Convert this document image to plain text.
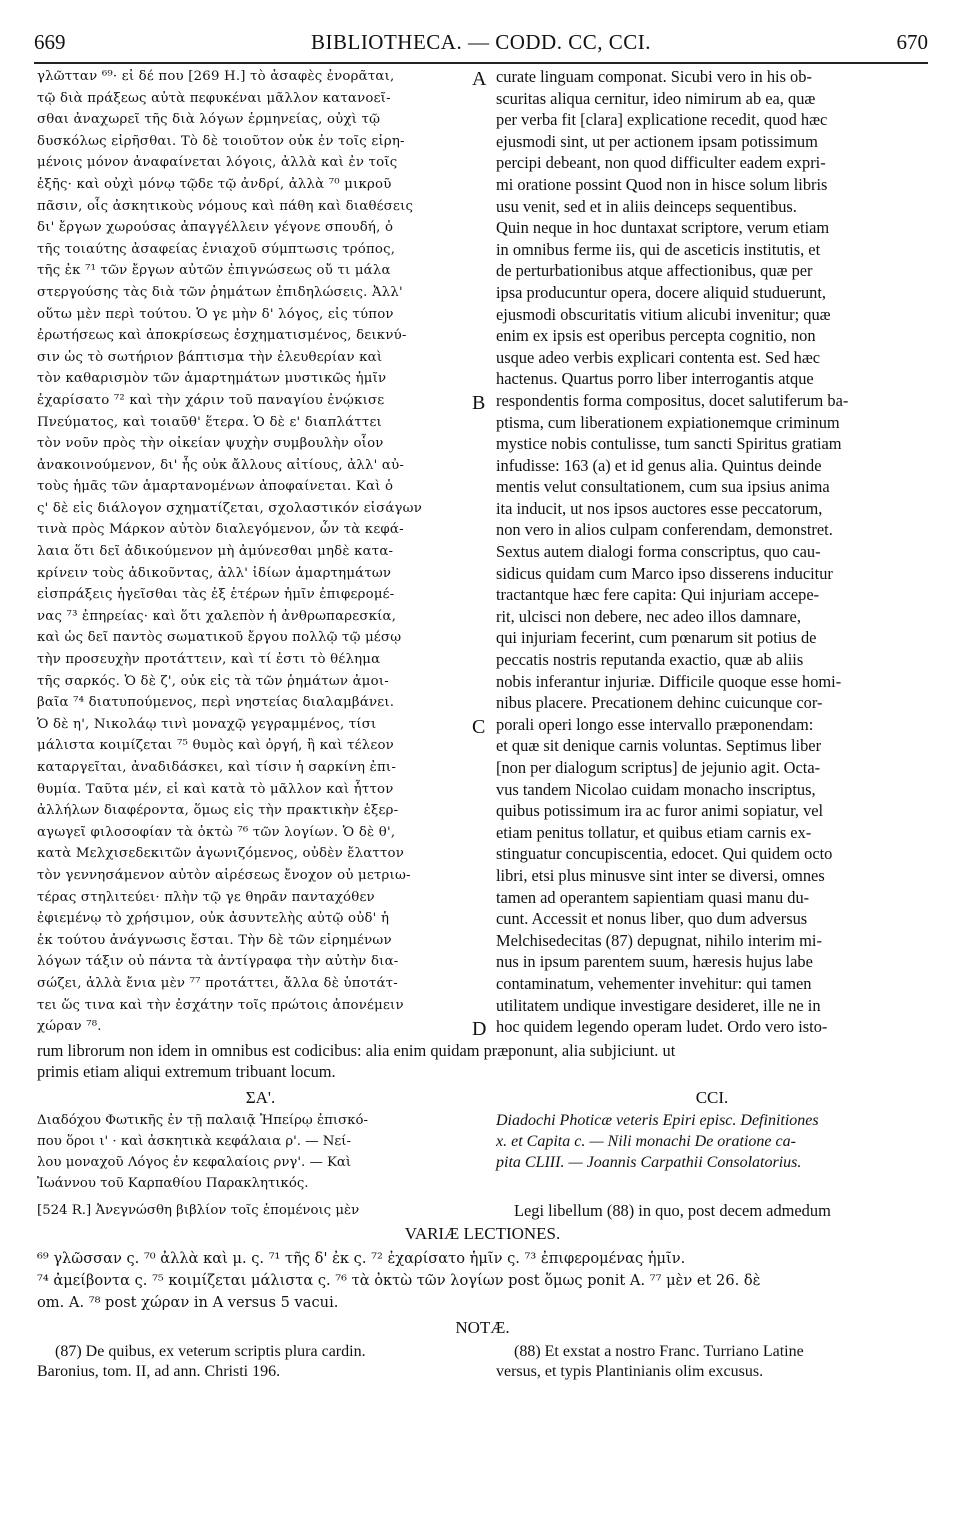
669	BIBLIOTHECA. — CODD. CC, CCI.	670
γλῶτταν ⁶⁹· εἰ δέ που [269 Η.] τὸ ἀσαφὲς ἐνορᾶται,
τῷ διὰ πράξεως αὐτὰ πεφυκέναι μᾶλλον κατανοεῖ-
σθαι ἀναχωρεῖ τῆς διὰ λόγων ἑρμηνείας, οὐχὶ τῷ
δυσκόλως εἰρῆσθαι. Τὸ δὲ τοιοῦτον οὐκ ἐν τοῖς εἰρη-
μένοις μόνον ἀναφαίνεται λόγοις, ἀλλὰ καὶ ἐν τοῖς
ἑξῆς· καὶ οὐχὶ μόνῳ τῷδε τῷ ἀνδρί, ἀλλὰ ⁷⁰ μικροῦ
πᾶσιν, οἷς ἀσκητικοὺς νόμους καὶ πάθη καὶ διαθέσεις
δι' ἔργων χωρούσας ἀπαγγέλλειν γέγονε σπουδή, ὁ
τῆς τοιαύτης ἀσαφείας ἐνιαχοῦ σύμπτωσις τρόπος,
τῆς ἐκ ⁷¹ τῶν ἔργων αὐτῶν ἐπιγνώσεως οὔ τι μάλα
στεργούσης τὰς διὰ τῶν ῥημάτων ἐπιδηλώσεις. Ἀλλ'
οὕτω μὲν περὶ τούτου. Ὁ γε μὴν δ' λόγος, εἰς τύπον
ἐρωτήσεως καὶ ἀποκρίσεως ἐσχηματισμένος, δεικνύ-
σιν ὡς τὸ σωτήριον βάπτισμα τὴν ἐλευθερίαν καὶ
τὸν καθαρισμὸν τῶν ἁμαρτημάτων μυστικῶς ἡμῖν
ἐχαρίσατο ⁷² καὶ τὴν χάριν τοῦ παναγίου ἐνῴκισε
Πνεύματος, καὶ τοιαῦθ' ἕτερα. Ὁ δὲ ε' διαπλάττει
τὸν νοῦν πρὸς τὴν οἰκείαν ψυχὴν συμβουλὴν οἷον
ἀνακοινούμενον, δι' ἧς οὐκ ἄλλους αἰτίους, ἀλλ' αὐ-
τοὺς ἡμᾶς τῶν ἁμαρτανομένων ἀποφαίνεται. Καὶ ὁ
ς' δὲ εἰς διάλογον σχηματίζεται, σχολαστικόν εἰσάγων
τινὰ πρὸς Μάρκον αὐτὸν διαλεγόμενον, ὧν τὰ κεφά-
λαια ὅτι δεῖ ἀδικούμενον μὴ ἀμύνεσθαι μηδὲ κατα-
κρίνειν τοὺς ἀδικοῦντας, ἀλλ' ἰδίων ἁμαρτημάτων
εἰσπράξεις ἡγεῖσθαι τὰς ἐξ ἑτέρων ἡμῖν ἐπιφερομέ-
νας ⁷³ ἐπηρείας· καὶ ὅτι χαλεπὸν ἡ ἀνθρωπαρεσκία,
καὶ ὡς δεῖ παντὸς σωματικοῦ ἔργου πολλῷ τῷ μέσῳ
τὴν προσευχὴν προτάττειν, καὶ τί ἐστι τὸ θέλημα
τῆς σαρκός. Ὁ δὲ ζ', οὐκ εἰς τὰ τῶν ῥημάτων ἀμοι-
βαῖα ⁷⁴ διατυπούμενος, περὶ νηστείας διαλαμβάνει.
Ὁ δὲ η', Νικολάῳ τινὶ μοναχῷ γεγραμμένος, τίσι
μάλιστα κοιμίζεται ⁷⁵ θυμὸς καὶ ὀργή, ἢ καὶ τέλεον
καταργεῖται, ἀναδιδάσκει, καὶ τίσιν ἡ σαρκίνη ἐπι-
θυμία. Ταῦτα μέν, εἰ καὶ κατὰ τὸ μᾶλλον καὶ ἧττον
ἀλλήλων διαφέροντα, ὅμως εἰς τὴν πρακτικὴν ἐξερ-
αγωγεῖ φιλοσοφίαν τὰ ὀκτὼ ⁷⁶ τῶν λογίων. Ὁ δὲ θ',
κατὰ Μελχισεδεκιτῶν ἀγωνιζόμενος, οὐδὲν ἔλαττον
τὸν γεννησάμενον αὐτὸν αἱρέσεως ἔνοχον οὐ μετριω-
τέρας στηλιτεύει· πλὴν τῷ γε θηρᾶν πανταχόθεν
ἐφιεμένῳ τὸ χρήσιμον, οὐκ ἀσυντελὴς αὐτῷ οὐδ' ἡ
ἐκ τούτου ἀνάγνωσις ἔσται. Τὴν δὲ τῶν εἰρημένων
λόγων τάξιν οὐ πάντα τὰ ἀντίγραφα τὴν αὐτὴν δια-
σώζει, ἀλλὰ ἔνια μὲν ⁷⁷ προτάττει, ἄλλα δὲ ὑποτάτ-
τει ὥς τινα καὶ τὴν ἐσχάτην τοῖς πρώτοις ἀπονέμειν
χώραν ⁷⁸.
curate linguam componat. Sicubi vero in his ob-
scuritas aliqua cernitur, ideo nimirum ab ea, quæ
per verba fit [clara] explicatione recedit, quod hæc
ejusmodi sint, ut per actionem ipsam potissimum
percipi debeant, non quod difficulter eadem expri-
mi oratione possint Quod non in hisce solum libris
usu venit, sed et in aliis deinceps sequentibus.
Quin neque in hoc duntaxat scriptore, verum etiam
in omnibus ferme iis, qui de asceticis institutis, et
de perturbationibus atque affectionibus, quæ per
ipsa producuntur opera, docere aliquid studuerunt,
ejusmodi obscuritatis vitium alicubi invenitur; quæ
enim ex ipsis est operibus percepta cognitio, non
usque adeo verbis explicari contenta est. Sed hæc
hactenus. Quartus porro liber interrogantis atque
respondentis forma compositus, docet salutiferum ba-
ptisma, cum liberationem expiationemque criminum
mystice nobis contulisse, tum sancti Spiritus gratiam
infudisse: 163 (a) et id genus alia. Quintus deinde
mentis velut consultationem, cum sua ipsius anima
ita inducit, ut nos ipsos auctores esse peccatorum,
non vero in alios culpam conferendam, demonstret.
Sextus autem dialogi forma conscriptus, quo cau-
sidicus quidam cum Marco ipso disserens inducitur
tractantque hæc fere capita: Qui injuriam accepe-
rit, ulcisci non debere, nec adeo illos damnare,
qui injuriam fecerint, cum pœnarum sit potius de
peccatis nostris reputanda exactio, quæ ab aliis
nobis inferantur injuriæ. Difficile quoque esse homi-
nibus placere. Precationem dehinc cuicunque cor-
porali operi longo esse intervallo præponendam:
et quæ sit denique carnis voluntas. Septimus liber
[non per dialogum scriptus] de jejunio agit. Octa-
vus tandem Nicolao cuidam monacho inscriptus,
quibus potissimum ira ac furor animi sopiatur, vel
etiam penitus tollatur, et quibus etiam carnis ex-
stinguatur concupiscentia, edocet. Qui quidem octo
libri, etsi plus minusve sint inter se diversi, omnes
tamen ad operantem sapientiam quasi manu du-
cunt. Accessit et nonus liber, quo dum adversus
Melchisedecitas (87) depugnat, nihilo interim mi-
nus in ipsum parentem suum, hæresis hujus labe
contaminatum, vehementer invehitur: qui tamen
utilitatem undique investigare desideret, ille ne in
hoc quidem legendo operam ludet. Ordo vero isto-
A
B
C
D
rum librorum non idem in omnibus est codicibus: alia enim quidam præponunt, alia subjiciunt. ut
primis etiam aliqui extremum tribuant locum.
ΣΑ'.	CCI.
Διαδόχου Φωτικῆς ἐν τῇ παλαιᾷ Ἠπείρῳ ἐπισκό-
που ὅροι ι' · καὶ ἀσκητικὰ κεφάλαια ρ'. — Νεί-
λου μοναχοῦ Λόγος ἐν κεφαλαίοις ρνγ'. — Καὶ
Ἰωάννου τοῦ Καρπαθίου Παρακλητικός.
[524 R.] Ἀνεγνώσθη βιβλίον τοῖς ἑπομένοις μὲν
Diadochi Photicæ veteris Epiri episc. Definitiones
x. et Capita c. — Nili monachi De oratione ca-
pita CLIII. — Joannis Carpathii Consolatorius.
Legi libellum (88) in quo, post decem admedum
VARIÆ LECTIONES.
⁶⁹ γλῶσσαν ς. ⁷⁰ ἀλλὰ καὶ μ. ς. ⁷¹ τῆς δ' ἐκ ς. ⁷² ἐχαρίσατο ἡμῖν ς. ⁷³ ἐπιφερομένας ἡμῖν.
⁷⁴ ἀμείβοντα ς. ⁷⁵ κοιμίζεται μάλιστα ς. ⁷⁶ τὰ ὀκτὼ τῶν λογίων post ὅμως ponit A. ⁷⁷ μὲν et 26. δὲ
om. A. ⁷⁸ post χώραν in A versus 5 vacui.
NOTÆ.
(87) De quibus, ex veterum scriptis plura cardin.
Baronius, tom. II, ad ann. Christi 196.
(88) Et exstat a nostro Franc. Turriano Latine
versus, et typis Plantinianis olim excusus.
